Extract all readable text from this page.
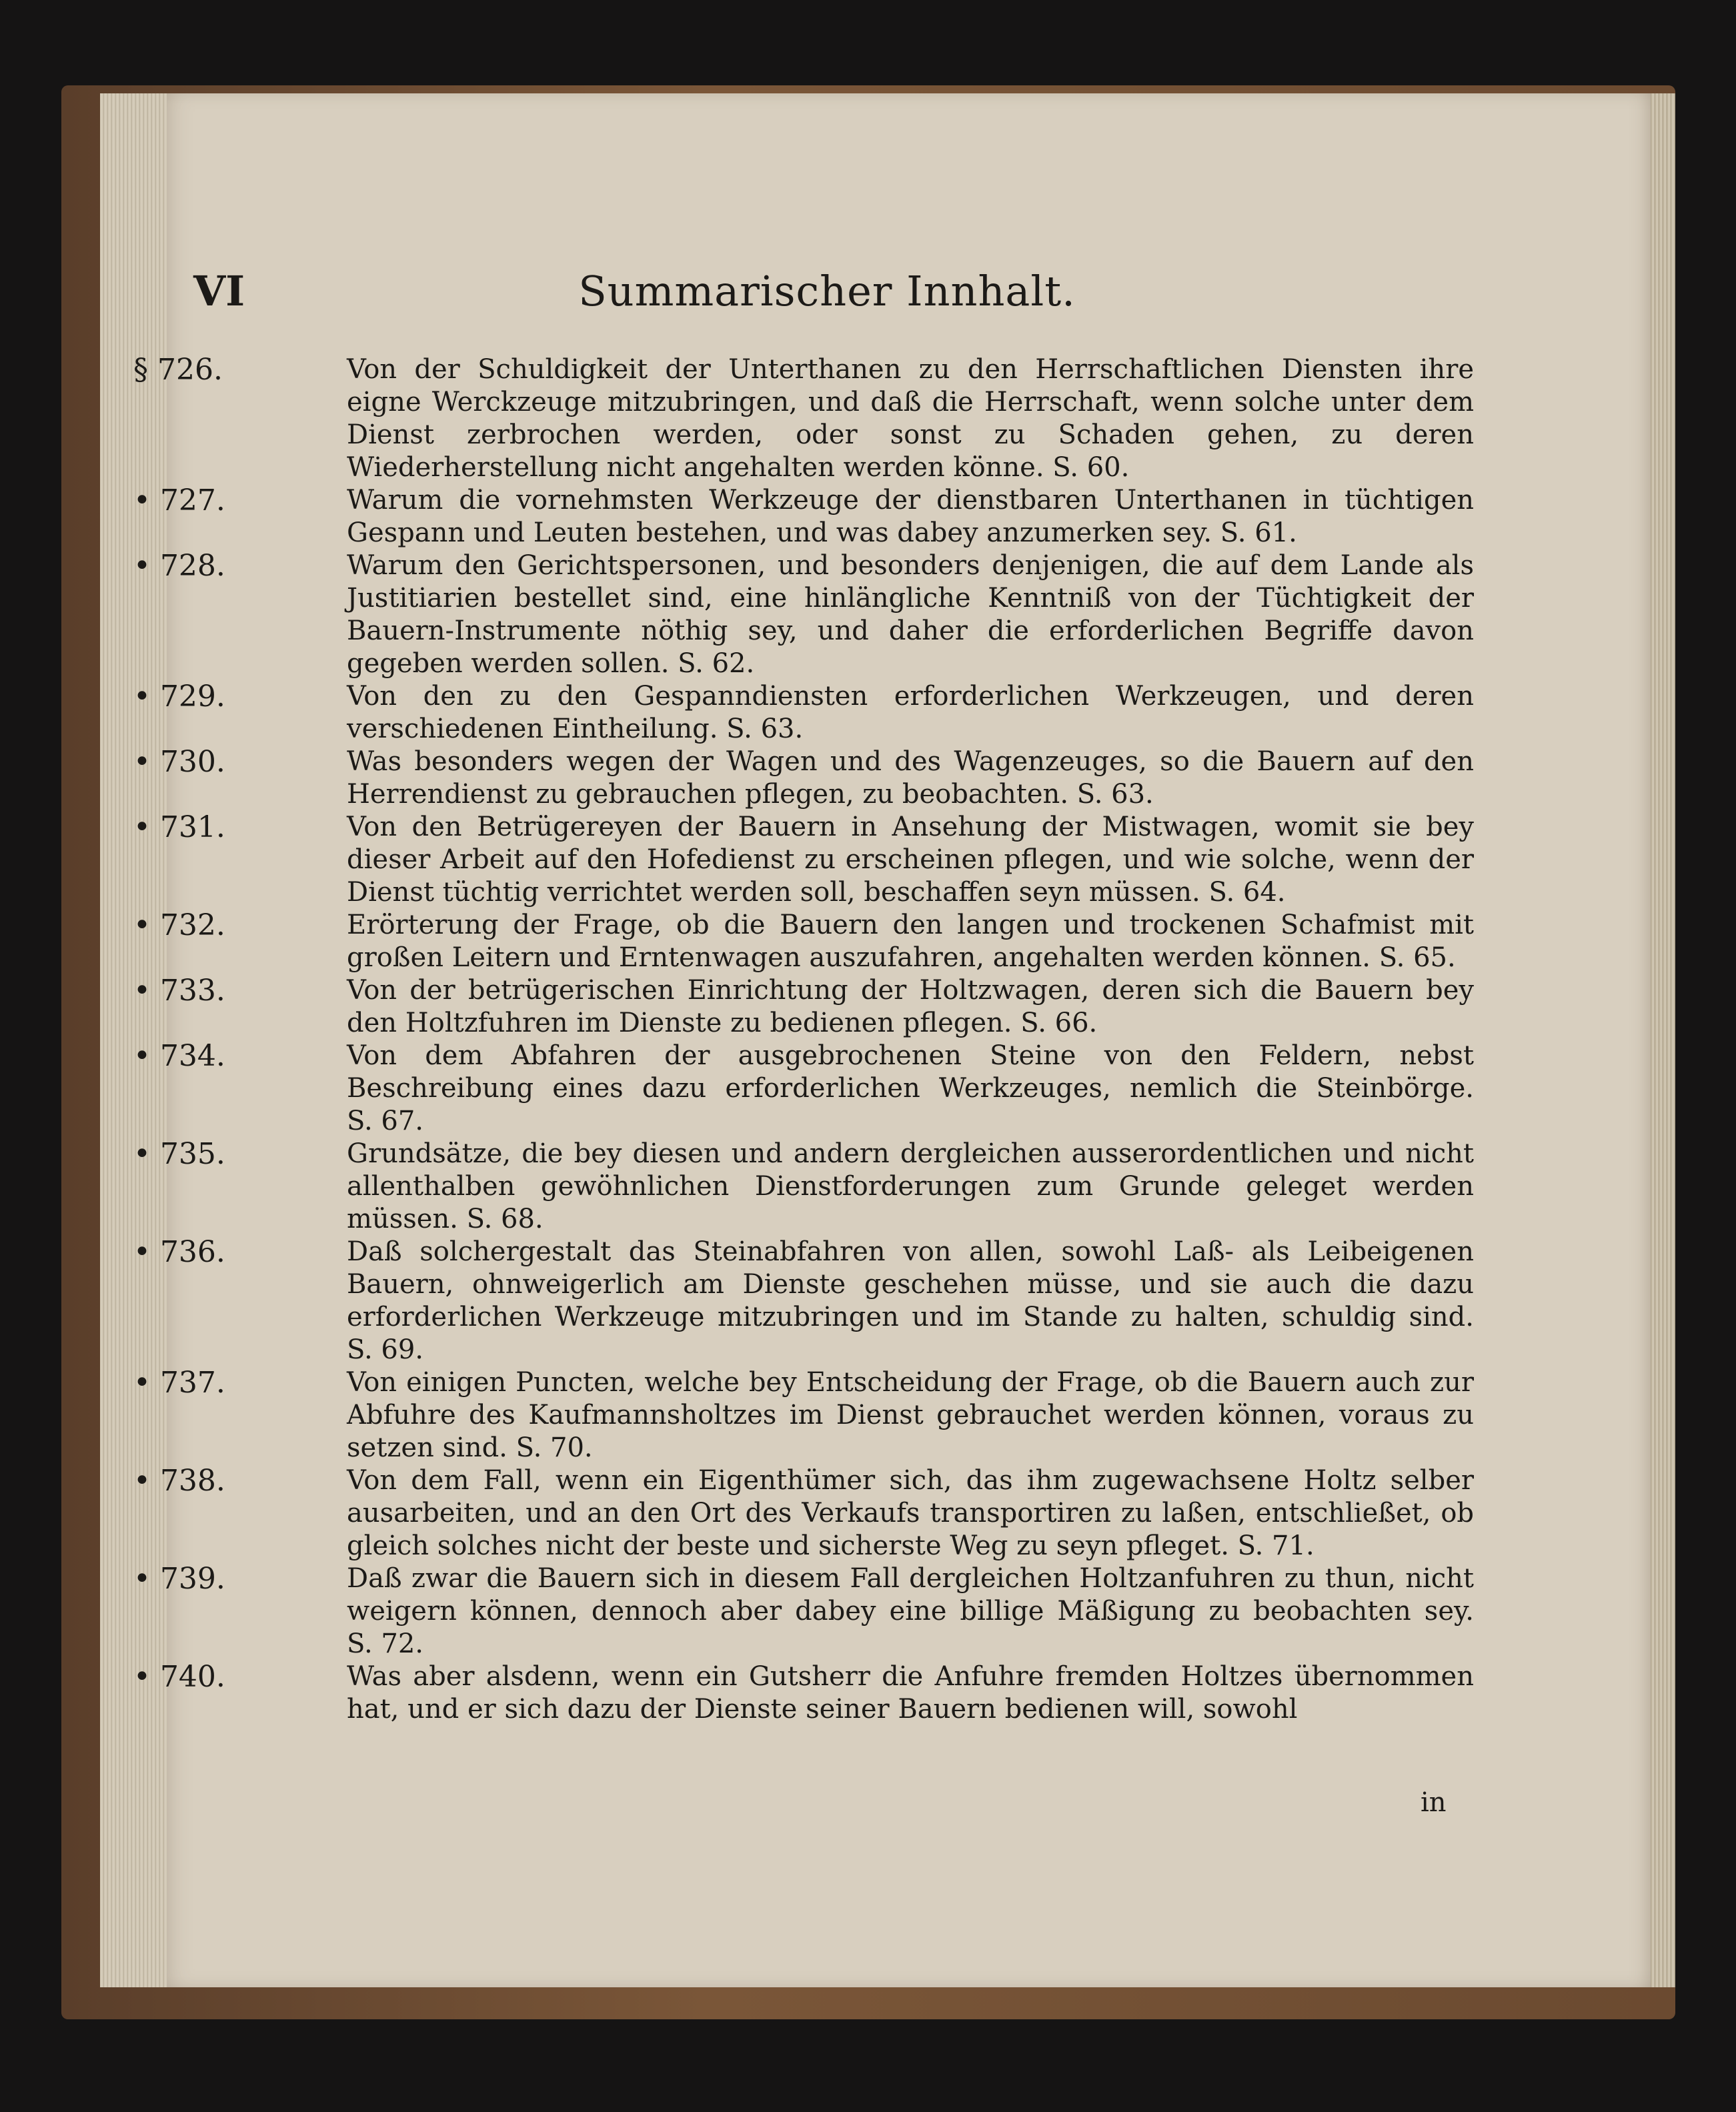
VI	Summarischer Innhalt.
§ 726.	Von der Schuldigkeit der Unterthanen zu den Herrschaftlichen Diensten ihre eigne Werckzeuge mitzubringen, und daß die Herrschaft, wenn solche unter dem Dienst zerbrochen werden, oder sonst zu Schaden gehen, zu deren Wiederherstellung nicht angehalten werden könne. S. 60.
• 727.	Warum die vornehmsten Werkzeuge der dienstbaren Unterthanen in tüchtigen Gespann und Leuten bestehen, und was dabey anzumerken sey. S. 61.
• 728.	Warum den Gerichtspersonen, und besonders denjenigen, die auf dem Lande als Justitiarien bestellet sind, eine hinlängliche Kenntniß von der Tüchtigkeit der Bauern-Instrumente nöthig sey, und daher die erforderlichen Begriffe davon gegeben werden sollen. S. 62.
• 729.	Von den zu den Gespanndiensten erforderlichen Werkzeugen, und deren verschiedenen Eintheilung. S. 63.
• 730.	Was besonders wegen der Wagen und des Wagenzeuges, so die Bauern auf den Herrendienst zu gebrauchen pflegen, zu beobachten. S. 63.
• 731.	Von den Betrügereyen der Bauern in Ansehung der Mistwagen, womit sie bey dieser Arbeit auf den Hofedienst zu erscheinen pflegen, und wie solche, wenn der Dienst tüchtig verrichtet werden soll, beschaffen seyn müssen. S. 64.
• 732.	Erörterung der Frage, ob die Bauern den langen und trockenen Schafmist mit großen Leitern und Erntenwagen auszufahren, angehalten werden können. S. 65.
• 733.	Von der betrügerischen Einrichtung der Holtzwagen, deren sich die Bauern bey den Holtzfuhren im Dienste zu bedienen pflegen. S. 66.
• 734.	Von dem Abfahren der ausgebrochenen Steine von den Feldern, nebst Beschreibung eines dazu erforderlichen Werkzeuges, nemlich die Steinbörge. S. 67.
• 735.	Grundsätze, die bey diesen und andern dergleichen ausserordentlichen und nicht allenthalben gewöhnlichen Dienstforderungen zum Grunde geleget werden müssen. S. 68.
• 736.	Daß solchergestalt das Steinabfahren von allen, sowohl Laß- als Leibeigenen Bauern, ohnweigerlich am Dienste geschehen müsse, und sie auch die dazu erforderlichen Werkzeuge mitzubringen und im Stande zu halten, schuldig sind. S. 69.
• 737.	Von einigen Puncten, welche bey Entscheidung der Frage, ob die Bauern auch zur Abfuhre des Kaufmannsholtzes im Dienst gebrauchet werden können, voraus zu setzen sind. S. 70.
• 738.	Von dem Fall, wenn ein Eigenthümer sich, das ihm zugewachsene Holtz selber ausarbeiten, und an den Ort des Verkaufs transportiren zu laßen, entschließet, ob gleich solches nicht der beste und sicherste Weg zu seyn pfleget. S. 71.
• 739.	Daß zwar die Bauern sich in diesem Fall dergleichen Holtzanfuhren zu thun, nicht weigern können, dennoch aber dabey eine billige Mäßigung zu beobachten sey. S. 72.
• 740.	Was aber alsdenn, wenn ein Gutsherr die Anfuhre fremden Holtzes übernommen hat, und er sich dazu der Dienste seiner Bauern bedienen will, sowohl
in
